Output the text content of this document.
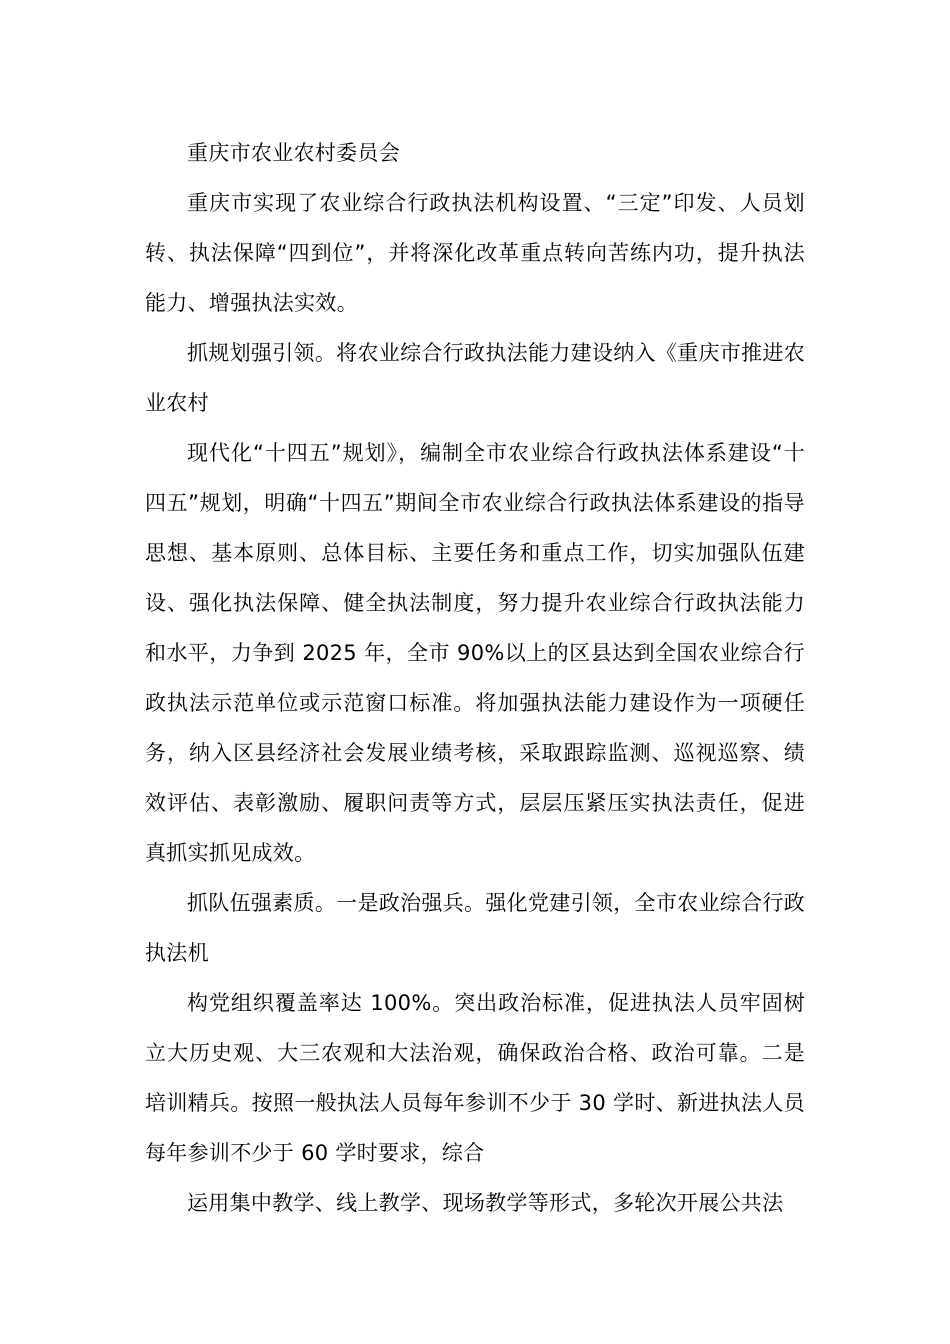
重庆市农业农村委员会

重庆市实现了农业综合行政执法机构设置、“三定”印发、人员划转、执法保障“四到位”，并将深化改革重点转向苦练内功，提升执法能力、增强执法实效。

抓规划强引领。将农业综合行政执法能力建设纳入《重庆市推进农业农村

现代化“十四五”规划》，编制全市农业综合行政执法体系建设“十四五”规划，明确“十四五”期间全市农业综合行政执法体系建设的指导思想、基本原则、总体目标、主要任务和重点工作，切实加强队伍建设、强化执法保障、健全执法制度，努力提升农业综合行政执法能力和水平，力争到 2025 年，全市 90%以上的区县达到全国农业综合行政执法示范单位或示范窗口标准。将加强执法能力建设作为一项硬任务，纳入区县经济社会发展业绩考核，采取跟踪监测、巡视巡察、绩效评估、表彰激励、履职问责等方式，层层压紧压实执法责任，促进真抓实抓见成效。

抓队伍强素质。一是政治强兵。强化党建引领，全市农业综合行政执法机

构党组织覆盖率达 100%。突出政治标准，促进执法人员牢固树立大历史观、大三农观和大法治观，确保政治合格、政治可靠。二是培训精兵。按照一般执法人员每年参训不少于 30 学时、新进执法人员每年参训不少于 60 学时要求，综合

运用集中教学、线上教学、现场教学等形式，多轮次开展公共法
